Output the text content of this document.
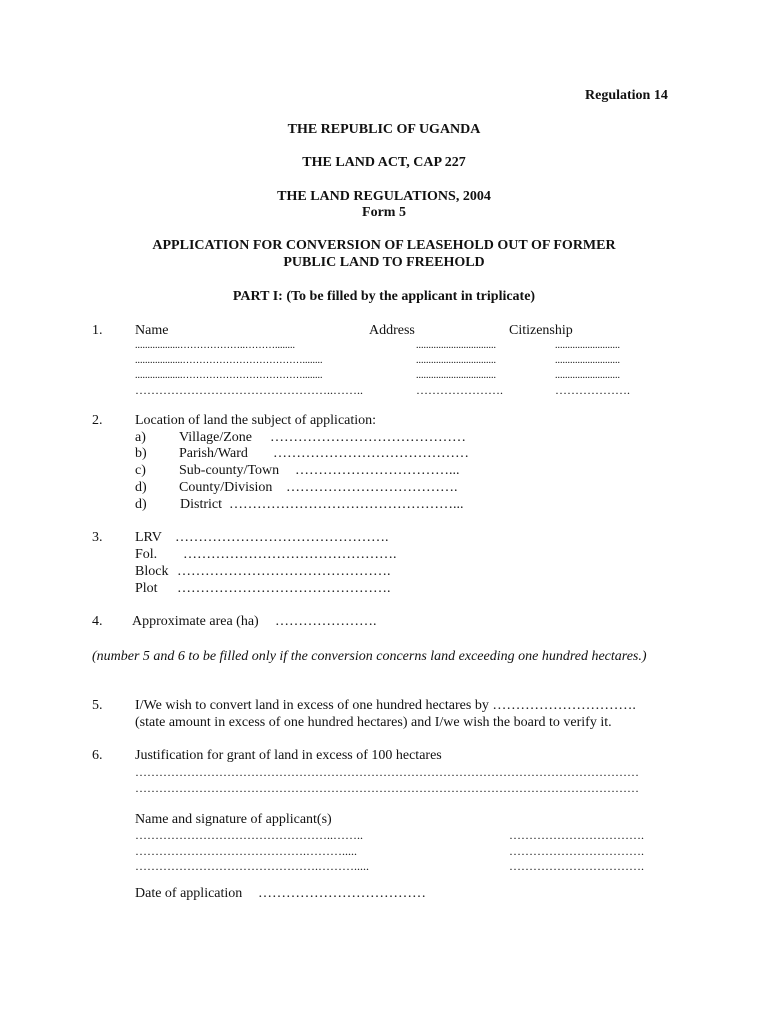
Regulation 14
THE REPUBLIC OF UGANDA
THE LAND ACT, CAP 227
THE LAND REGULATIONS, 2004
Form 5
APPLICATION FOR CONVERSION OF LEASEHOLD OUT OF FORMER
PUBLIC LAND TO FREEHOLD
PART I: (To be filled by the applicant in triplicate)
1. Name	Address	Citizenship
..................………………..………........	................................	..........................
...................………………………………........	................................	..........................
...................………………………………........	................................	..........................
…………………………………………..……..	………………….	……………….
2. Location of land the subject of application:
a) Village/Zone ……………………………………
b) Parish/Ward ……………………………………
c) Sub-county/Town ……………………………...
d) County/Division ……………………………….
d) District …………………………………………...
3. LRV ……………………………………….
Fol. ……………………………………….
Block ……………………………………….
Plot ……………………………………….
4. Approximate area (ha) ………………….
(number 5 and 6 to be filled only if the conversion concerns land exceeding one hundred hectares.)
5. I/We wish to convert land in excess of one hundred hectares by ………………………….
(state amount in excess of one hundred hectares) and I/we wish the board to verify it.
6. Justification for grant of land in excess of 100 hectares
………………………………………………………………………………………………………………
………………………………………………………………………………………………………………
Name and signature of applicant(s)
…………………………………………..……..	…………………………….
…………………………………….……….....	…………………………….
……………………………………….……….....	…………………………….
Date of application ………………………………
